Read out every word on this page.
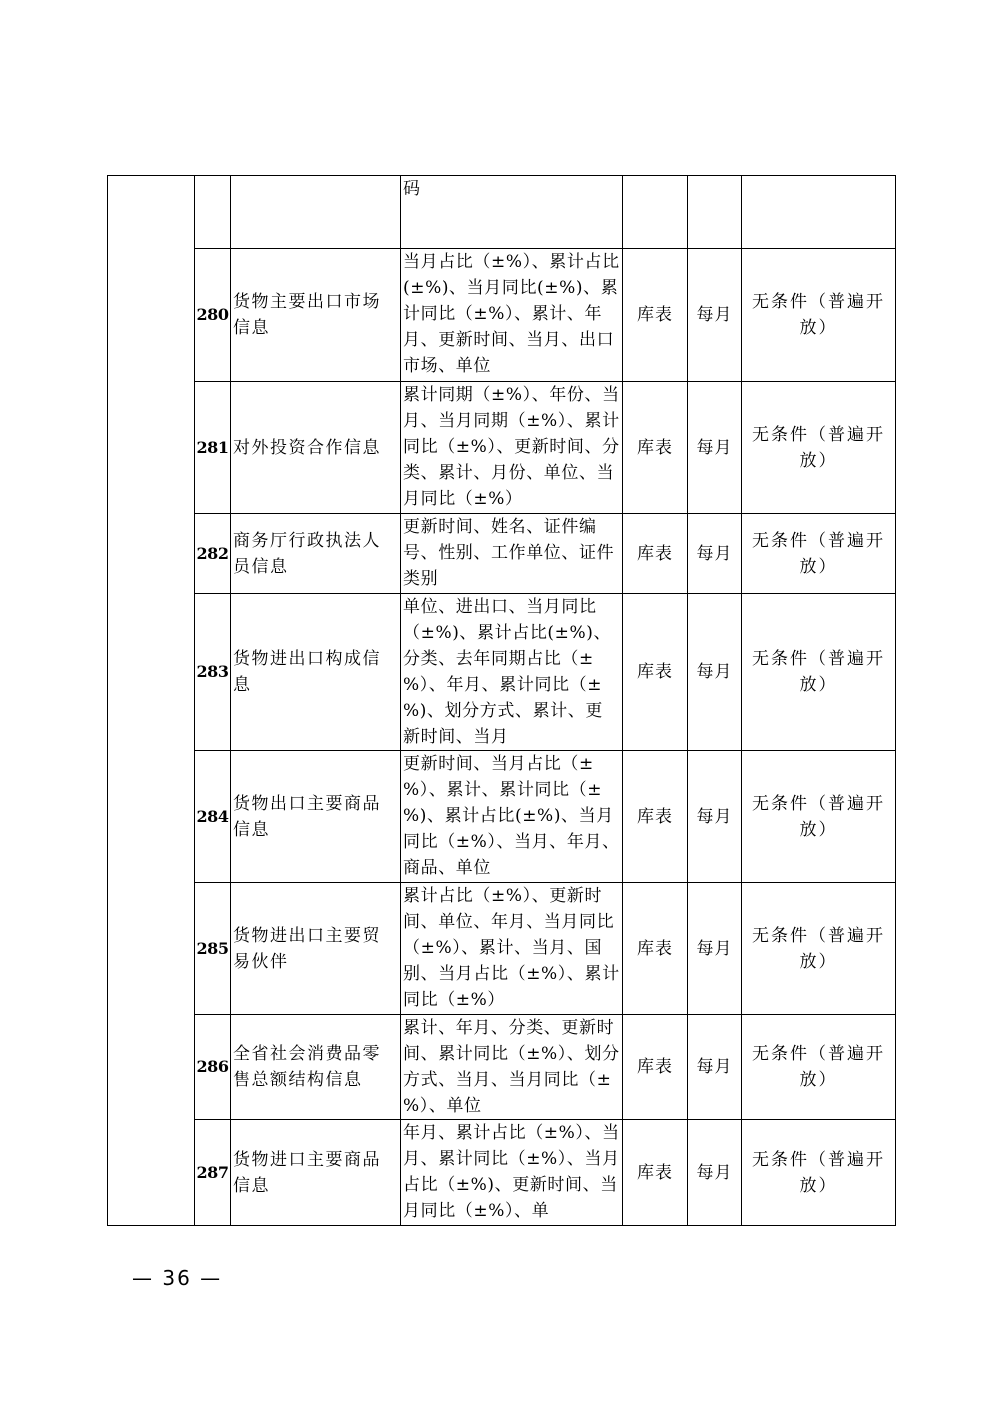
			码			
	280	货物主要出口市场信息	当月占比（±%）、累计占比(±%)、当月同比(±%)、累计同比（±%）、累计、年月、更新时间、当月、出口市场、单位	库表	每月	无条件（普遍开放）
	281	对外投资合作信息	累计同期（±%）、年份、当月、当月同期（±%）、累计同比（±%）、更新时间、分类、累计、月份、单位、当月同比（±%）	库表	每月	无条件（普遍开放）
	282	商务厅行政执法人员信息	更新时间、姓名、证件编号、性别、工作单位、证件类别	库表	每月	无条件（普遍开放）
	283	货物进出口构成信息	单位、进出口、当月同比（±%)、累计占比(±%)、分类、去年同期占比（±%）、年月、累计同比（±%)、划分方式、累计、更新时间、当月	库表	每月	无条件（普遍开放）
	284	货物出口主要商品信息	更新时间、当月占比（±%）、累计、累计同比（±%)、累计占比(±%)、当月同比（±%）、当月、年月、商品、单位	库表	每月	无条件（普遍开放）
	285	货物进出口主要贸易伙伴	累计占比（±%）、更新时间、单位、年月、当月同比（±%）、累计、当月、国别、当月占比（±%）、累计同比（±%）	库表	每月	无条件（普遍开放）
	286	全省社会消费品零售总额结构信息	累计、年月、分类、更新时间、累计同比（±%）、划分方式、当月、当月同比（±%）、单位	库表	每月	无条件（普遍开放）
	287	货物进口主要商品信息	年月、累计占比（±%）、当月、累计同比（±%）、当月占比（±%)、更新时间、当月同比（±%）、单	库表	每月	无条件（普遍开放）
— 36 —
